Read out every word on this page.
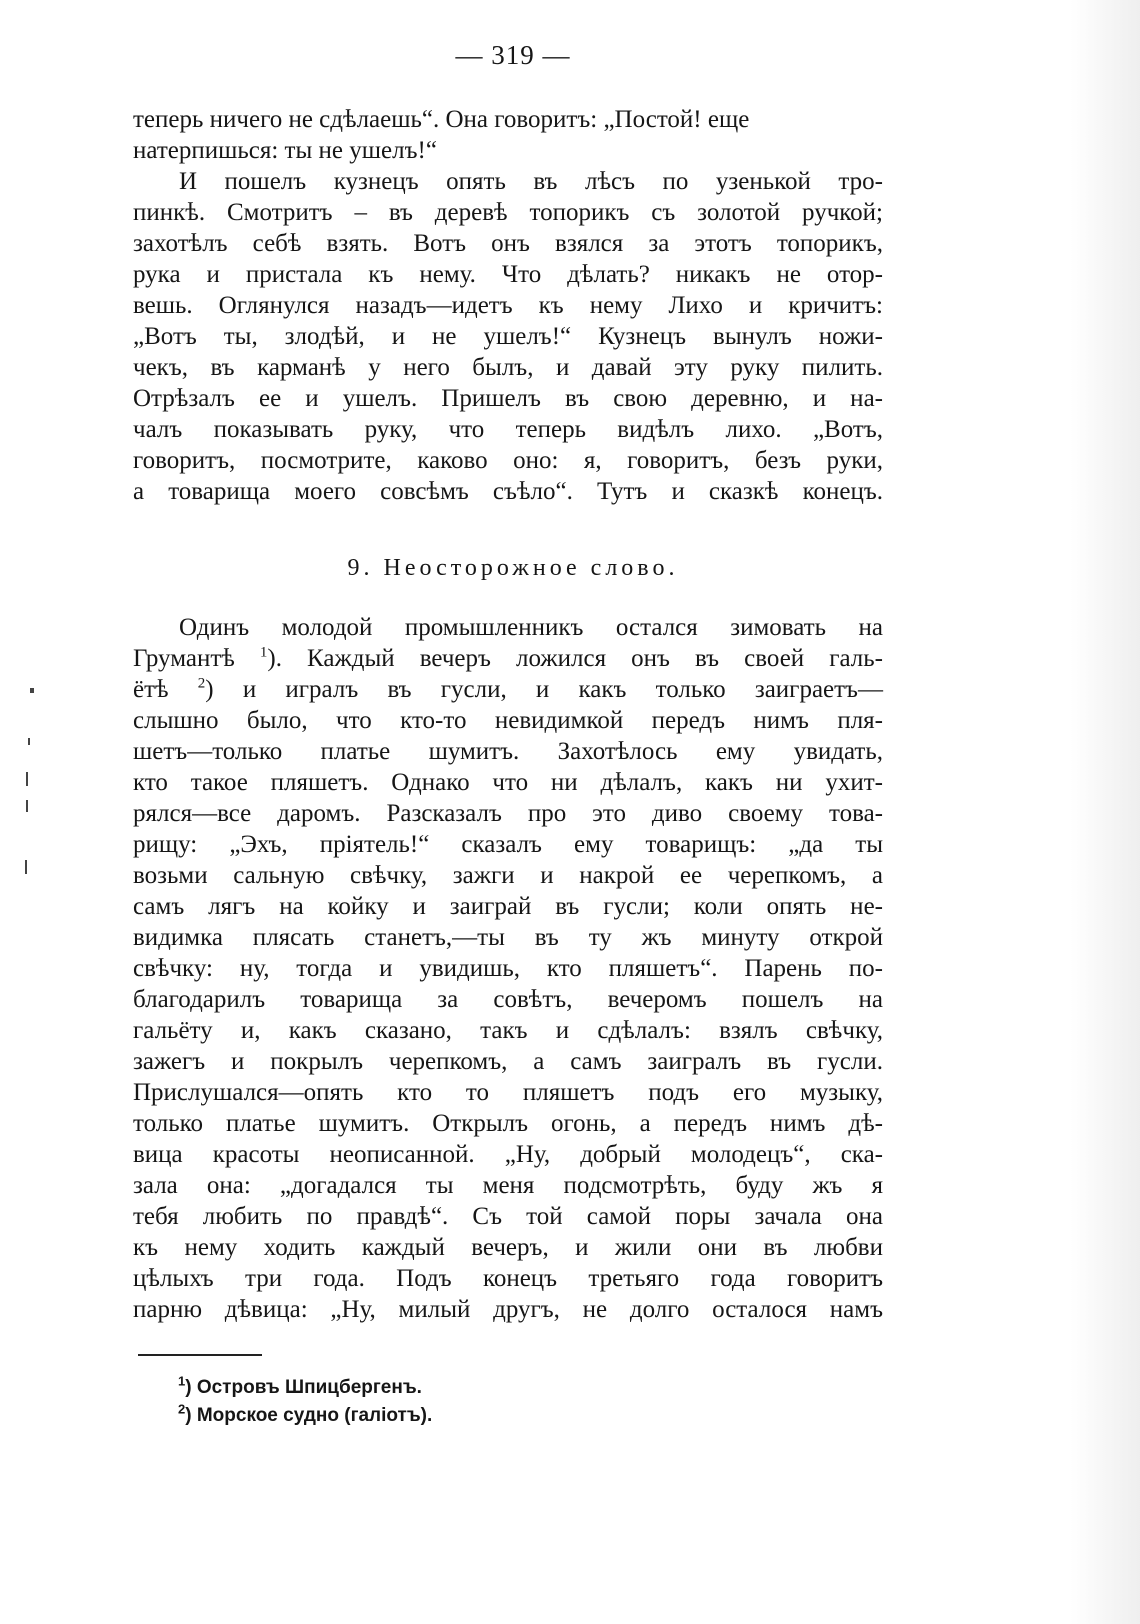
— 319 —
теперь ничего не сдѣлаешь“. Она говоритъ: „Постой! еще
натерпишься: ты не ушелъ!“
И пошелъ кузнецъ опять въ лѣсъ по узенькой тро-
пинкѣ. Смотритъ – въ деревѣ топорикъ съ золотой ручкой;
захотѣлъ себѣ взять. Вотъ онъ взялся за этотъ топорикъ,
рука и пристала къ нему. Что дѣлать? никакъ не отор-
вешь. Оглянулся назадъ—идетъ къ нему Лихо и кричитъ:
„Вотъ ты, злодѣй, и не ушелъ!“ Кузнецъ вынулъ ножи-
чекъ, въ карманѣ у него былъ, и давай эту руку пилить.
Отрѣзалъ ее и ушелъ. Пришелъ въ свою деревню, и на-
чалъ показывать руку, что теперь видѣлъ лихо. „Вотъ,
говоритъ, посмотрите, каково оно: я, говоритъ, безъ руки,
а товарища моего совсѣмъ съѣло“. Тутъ и сказкѣ конецъ.
9. Неосторожное слово.
Одинъ молодой промышленникъ остался зимовать на
Грумантѣ $^1$). Каждый вечеръ ложился онъ въ своей галь-
ётѣ $^2$) и игралъ въ гусли, и какъ только заиграетъ—
слышно было, что кто-то невидимкой передъ нимъ пля-
шетъ—только платье шумитъ. Захотѣлось ему увидать,
кто такое пляшетъ. Однако что ни дѣлалъ, какъ ни ухит-
рялся—все даромъ. Разсказалъ про это диво своему това-
рищу: „Эхъ, пріятель!“ сказалъ ему товарищъ: „да ты
возьми сальную свѣчку, зажги и накрой ее черепкомъ, а
самъ лягъ на койку и заиграй въ гусли; коли опять не-
видимка плясать станетъ,—ты въ ту жъ минуту открой
свѣчку: ну, тогда и увидишь, кто пляшетъ“. Парень по-
благодарилъ товарища за совѣтъ, вечеромъ пошелъ на
гальёту и, какъ сказано, такъ и сдѣлалъ: взялъ свѣчку,
зажегъ и покрылъ черепкомъ, а самъ заигралъ въ гусли.
Прислушался—опять кто то пляшетъ подъ его музыку,
только платье шумитъ. Открылъ огонь, а передъ нимъ дѣ-
вица красоты неописанной. „Ну, добрый молодецъ“, ска-
зала она: „догадался ты меня подсмотрѣть, буду жъ я
тебя любить по правдѣ“. Съ той самой поры зачала она
къ нему ходить каждый вечеръ, и жили они въ любви
цѣлыхъ три года. Подъ конецъ третьяго года говоритъ
парню дѣвица: „Ну, милый другъ, не долго осталося намъ
$^1$) Островъ Шпицбергенъ.
$^2$) Морское судно (галіотъ).
